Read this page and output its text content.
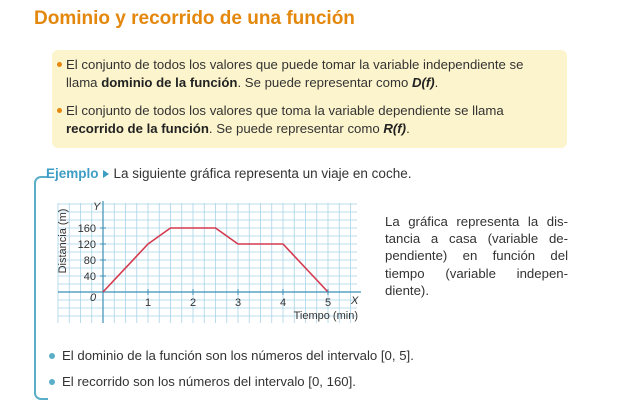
Dominio y recorrido de una función
El conjunto de todos los valores que puede tomar la variable independiente se
llama dominio de la función. Se puede representar como D(f).
El conjunto de todos los valores que toma la variable dependiente se llama
recorrido de la función. Se puede representar como R(f).
Ejemplo La siguiente gráfica representa un viaje en coche.
40
80
120
160
1	2	3	4	5
Distancia (m)
Y
X
0
Tiempo (min)
La gráfica representa la dis- tancia a casa (variable de- pendiente) en función del tiempo (variable indepen- diente).
El dominio de la función son los números del intervalo [0, 5].
El recorrido son los números del intervalo [0, 160].
